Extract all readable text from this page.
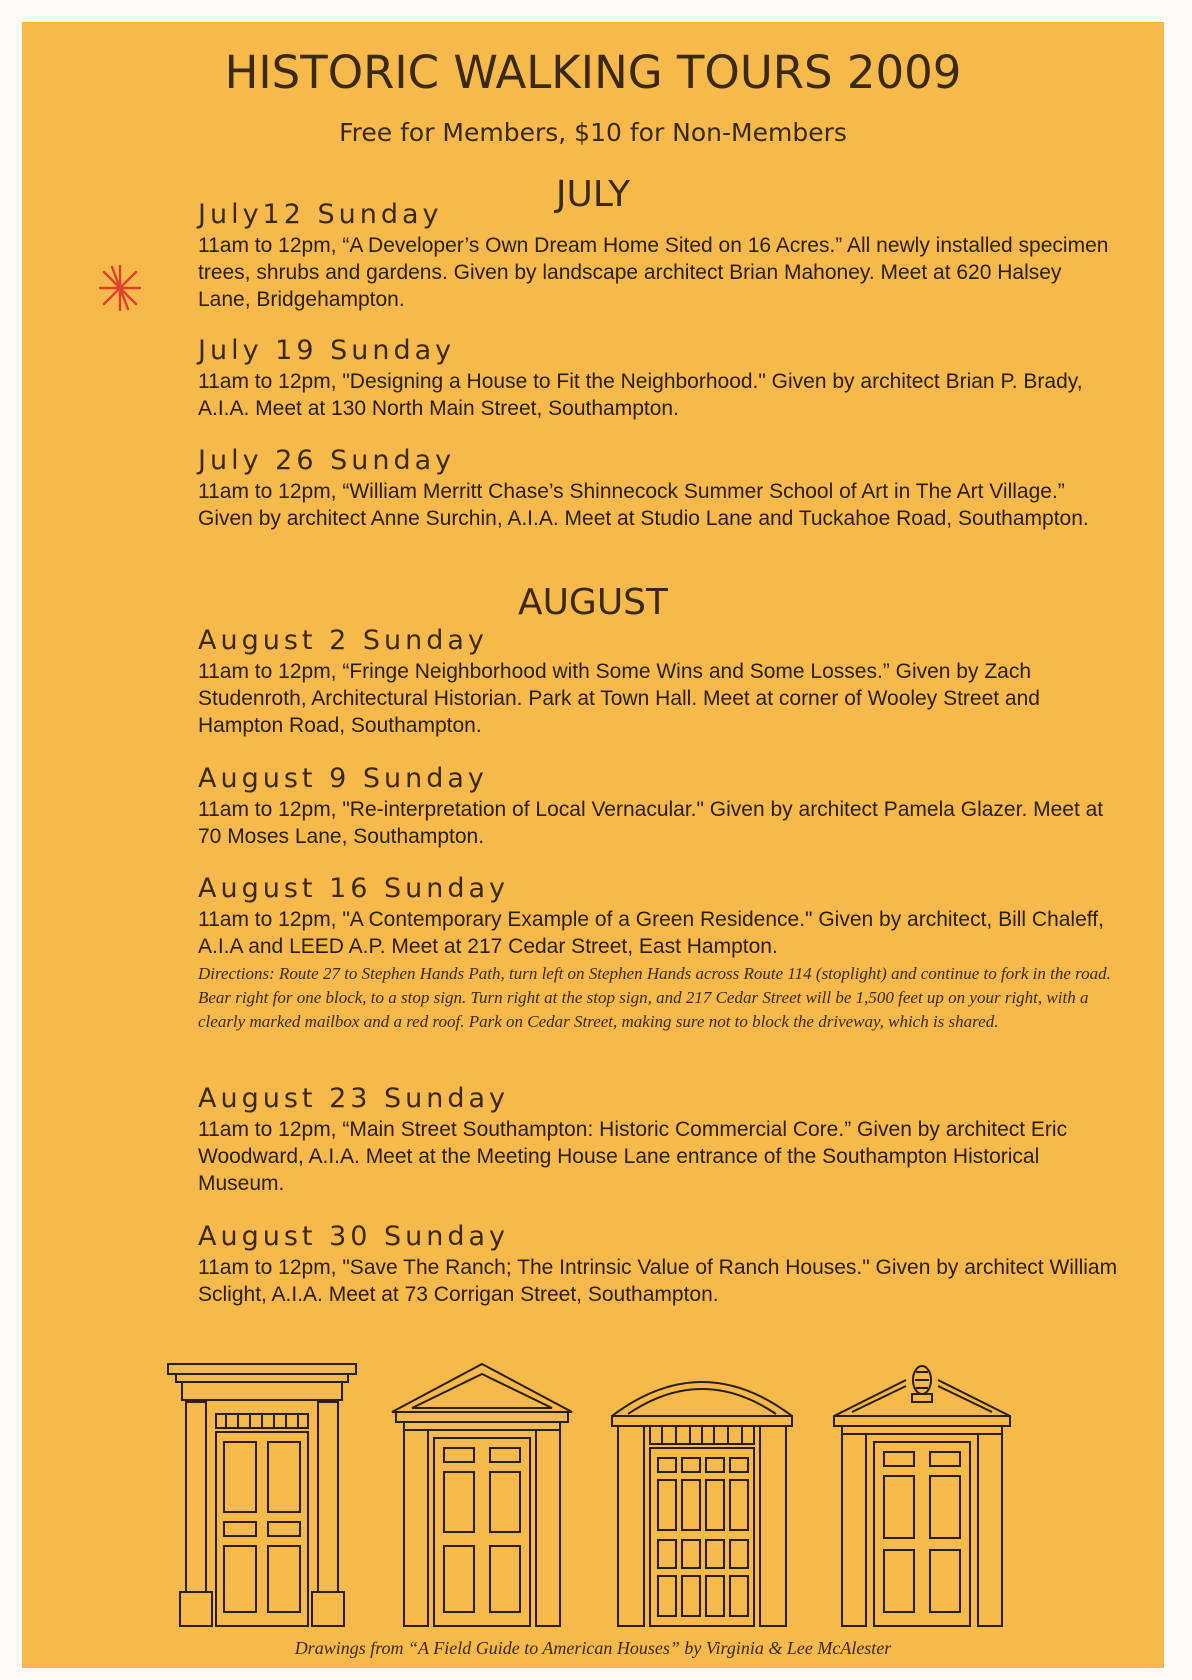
HISTORIC WALKING TOURS 2009
Free for Members, $10 for Non-Members
JULY
July12 Sunday
11am to 12pm, “A Developer’s Own Dream Home Sited on 16 Acres.” All newly installed specimen trees, shrubs and gardens. Given by landscape architect Brian Mahoney. Meet at 620 Halsey Lane, Bridgehampton.
July 19 Sunday
11am to 12pm, "Designing a House to Fit the Neighborhood." Given by architect Brian P. Brady, A.I.A. Meet at 130 North Main Street, Southampton.
July 26 Sunday
11am to 12pm, “William Merritt Chase’s Shinnecock Summer School of Art in The Art Village.” Given by architect Anne Surchin, A.I.A. Meet at Studio Lane and Tuckahoe Road, Southampton.
AUGUST
August 2 Sunday
11am to 12pm, “Fringe Neighborhood with Some Wins and Some Losses.” Given by Zach Studenroth, Architectural Historian. Park at Town Hall. Meet at corner of Wooley Street and Hampton Road, Southampton.
August 9 Sunday
11am to 12pm, "Re-interpretation of Local Vernacular." Given by architect Pamela Glazer. Meet at 70 Moses Lane, Southampton.
August 16 Sunday
11am to 12pm, "A Contemporary Example of a Green Residence." Given by architect, Bill Chaleff, A.I.A and LEED A.P. Meet at 217 Cedar Street, East Hampton.
Directions: Route 27 to Stephen Hands Path, turn left on Stephen Hands across Route 114 (stoplight) and continue to fork in the road. Bear right for one block, to a stop sign. Turn right at the stop sign, and 217 Cedar Street will be 1,500 feet up on your right, with a clearly marked mailbox and a red roof. Park on Cedar Street, making sure not to block the driveway, which is shared.
August 23 Sunday
11am to 12pm, “Main Street Southampton: Historic Commercial Core.” Given by architect Eric Woodward, A.I.A. Meet at the Meeting House Lane entrance of the Southampton Historical Museum.
August 30 Sunday
11am to 12pm, "Save The Ranch; The Intrinsic Value of Ranch Houses." Given by architect William Sclight, A.I.A. Meet at 73 Corrigan Street, Southampton.
Drawings from “A Field Guide to American Houses” by Virginia & Lee McAlester
